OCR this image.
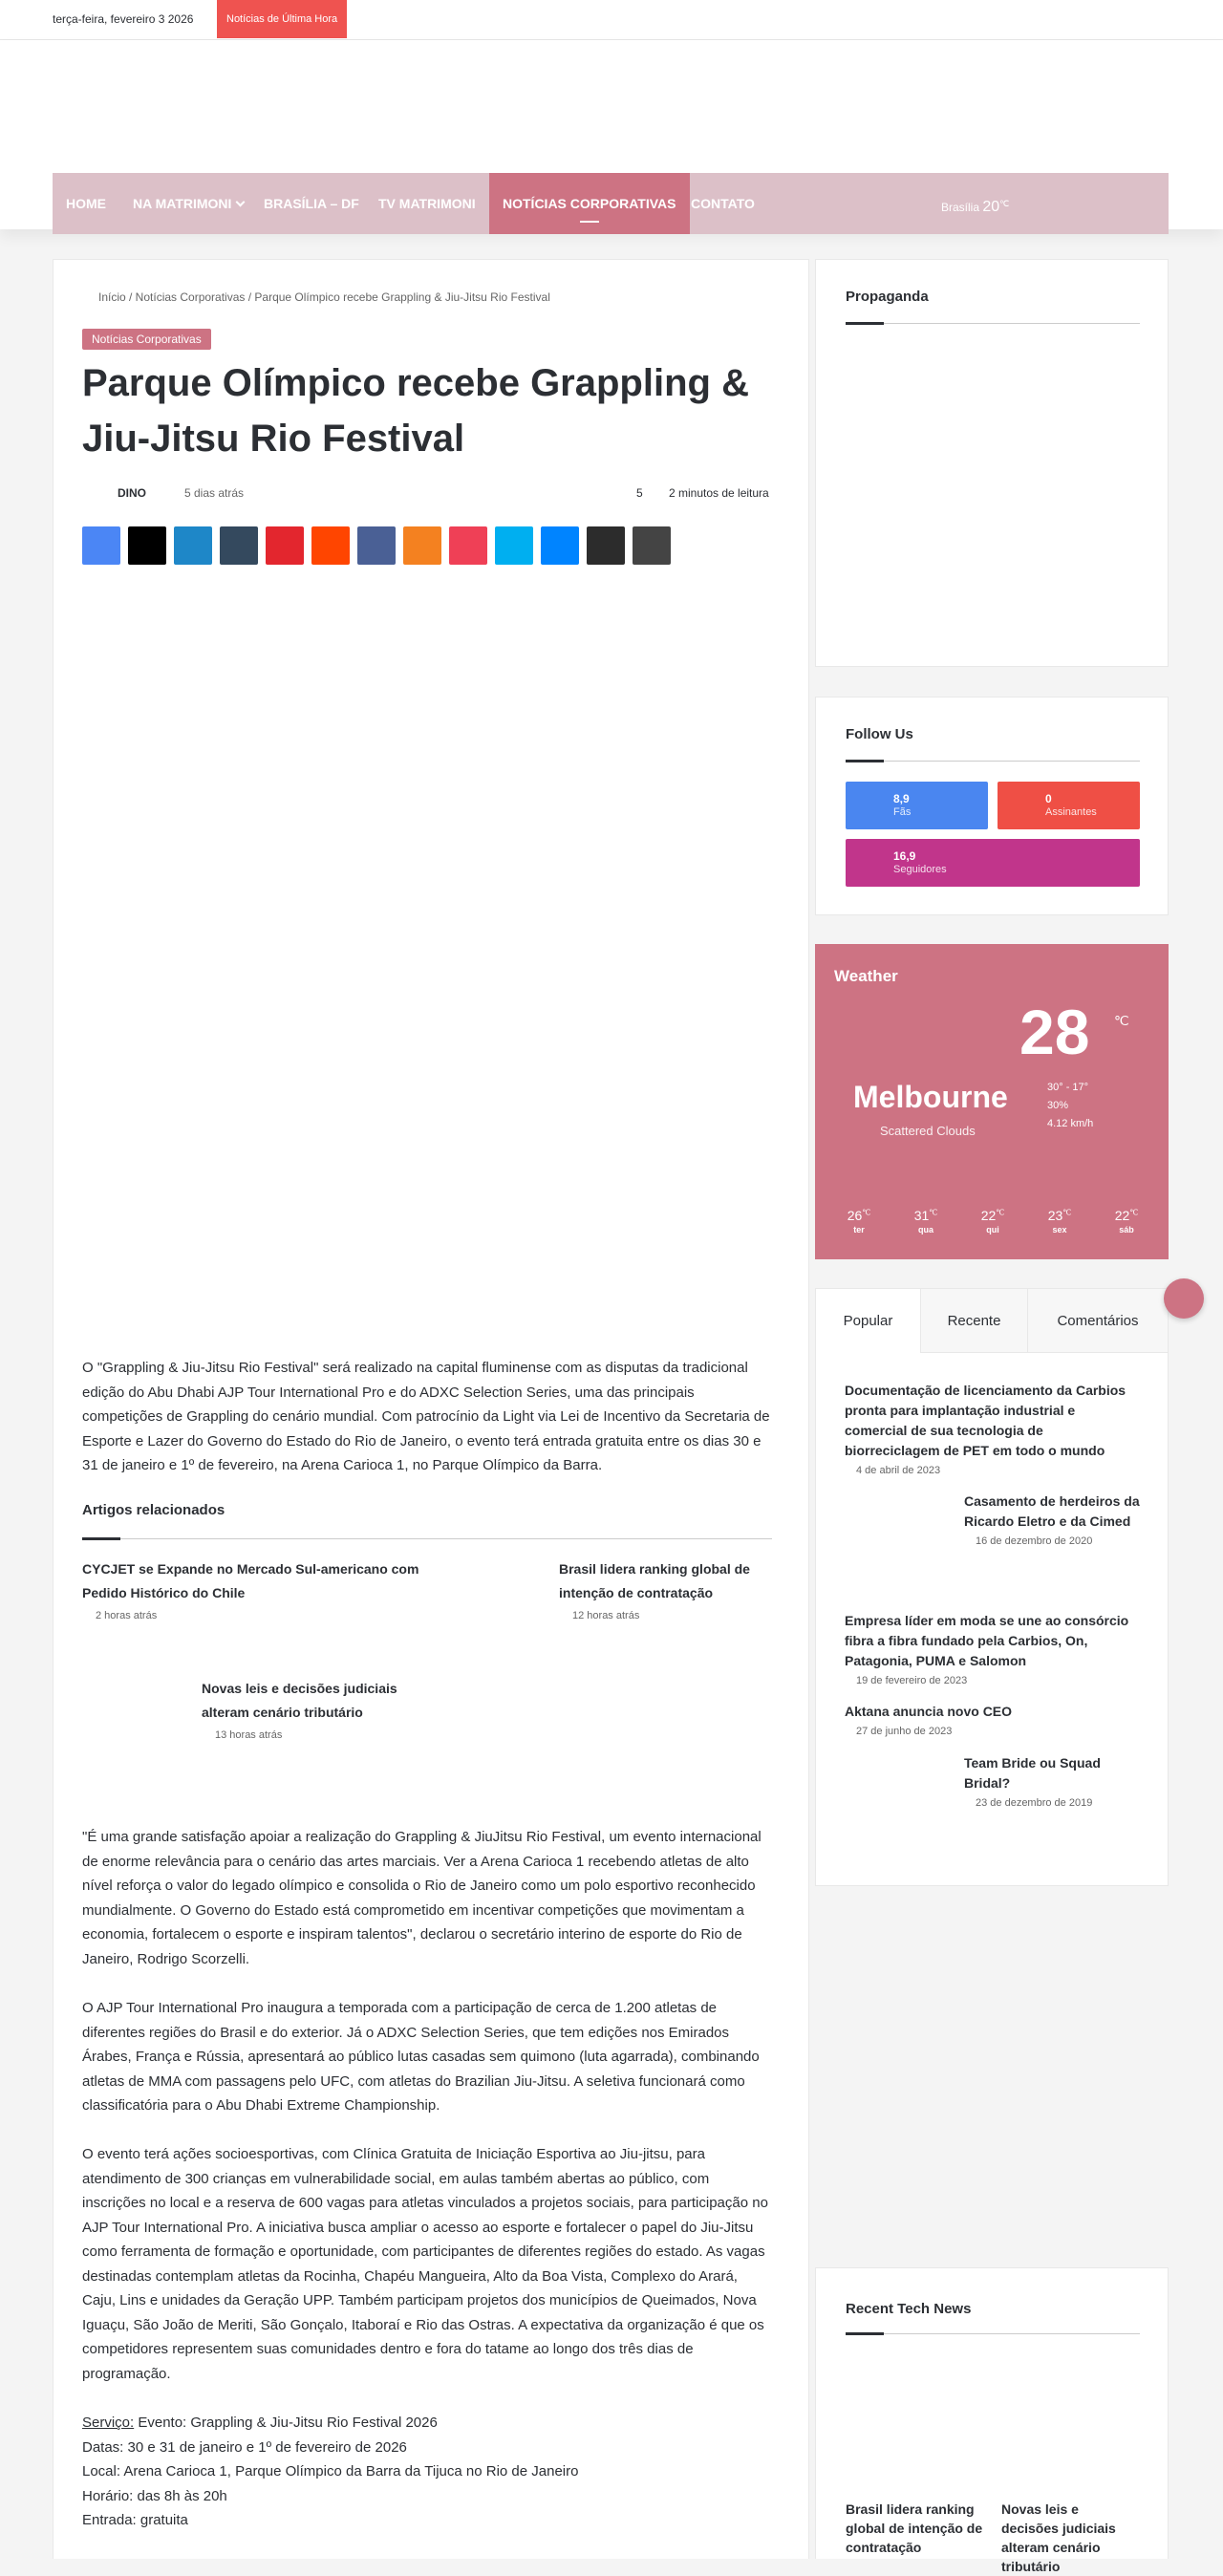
terça-feira, fevereiro 3 2026	Notícias de Última Hora
HOME	NA MATRIMONI	BRASÍLIA – DF	TV MATRIMONI	NOTÍCIAS CORPORATIVAS	CONTATO	Brasília 20℃
Início / Notícias Corporativas / Parque Olímpico recebe Grappling & Jiu-Jitsu Rio Festival
Notícias Corporativas
Parque Olímpico recebe Grappling & Jiu-Jitsu Rio Festival
DINO	5 dias atrás	5 2 minutos de leitura

O "Grappling & Jiu-Jitsu Rio Festival" será realizado na capital fluminense com as disputas da tradicional edição do Abu Dhabi AJP Tour International Pro e do ADXC Selection Series, uma das principais competições de Grappling do cenário mundial. Com patrocínio da Light via Lei de Incentivo da Secretaria de Esporte e Lazer do Governo do Estado do Rio de Janeiro, o evento terá entrada gratuita entre os dias 30 e 31 de janeiro e 1º de fevereiro, na Arena Carioca 1, no Parque Olímpico da Barra.

Artigos relacionados
CYCJET se Expande no Mercado Sul-americano com Pedido Histórico do Chile
2 horas atrás
Brasil lidera ranking global de intenção de contratação
12 horas atrás
Novas leis e decisões judiciais alteram cenário tributário
13 horas atrás

"É uma grande satisfação apoiar a realização do Grappling & JiuJitsu Rio Festival, um evento internacional de enorme relevância para o cenário das artes marciais. Ver a Arena Carioca 1 recebendo atletas de alto nível reforça o valor do legado olímpico e consolida o Rio de Janeiro como um polo esportivo reconhecido mundialmente. O Governo do Estado está comprometido em incentivar competições que movimentam a economia, fortalecem o esporte e inspiram talentos", declarou o secretário interino de esporte do Rio de Janeiro, Rodrigo Scorzelli.

O AJP Tour International Pro inaugura a temporada com a participação de cerca de 1.200 atletas de diferentes regiões do Brasil e do exterior. Já o ADXC Selection Series, que tem edições nos Emirados Árabes, França e Rússia, apresentará ao público lutas casadas sem quimono (luta agarrada), combinando atletas de MMA com passagens pelo UFC, com atletas do Brazilian Jiu-Jitsu. A seletiva funcionará como classificatória para o Abu Dhabi Extreme Championship.

O evento terá ações socioesportivas, com Clínica Gratuita de Iniciação Esportiva ao Jiu-jitsu, para atendimento de 300 crianças em vulnerabilidade social, em aulas também abertas ao público, com inscrições no local e a reserva de 600 vagas para atletas vinculados a projetos sociais, para participação no AJP Tour International Pro. A iniciativa busca ampliar o acesso ao esporte e fortalecer o papel do Jiu-Jitsu como ferramenta de formação e oportunidade, com participantes de diferentes regiões do estado. As vagas destinadas contemplam atletas da Rocinha, Chapéu Mangueira, Alto da Boa Vista, Complexo do Arará, Caju, Lins e unidades da Geração UPP. Também participam projetos dos municípios de Queimados, Nova Iguaçu, São João de Meriti, São Gonçalo, Itaboraí e Rio das Ostras. A expectativa da organização é que os competidores representem suas comunidades dentro e fora do tatame ao longo dos três dias de programação.

Serviço: Evento: Grappling & Jiu-Jitsu Rio Festival 2026
Datas: 30 e 31 de janeiro e 1º de fevereiro de 2026
Local: Arena Carioca 1, Parque Olímpico da Barra da Tijuca no Rio de Janeiro
Horário: das 8h às 20h
Entrada: gratuita
Propaganda
Follow Us
8,9
Fãs
0
Assinantes
16,9
Seguidores
Weather
28 ℃
Melbourne
Scattered Clouds
30° - 17°
30%
4.12 km/h
26℃
ter
31℃
qua
22℃
qui
23℃
sex
22℃
sáb
Popular	Recente	Comentários
Documentação de licenciamento da Carbios pronta para implantação industrial e comercial de sua tecnologia de biorreciclagem de PET em todo o mundo
4 de abril de 2023
Casamento de herdeiros da Ricardo Eletro e da Cimed
16 de dezembro de 2020
Empresa líder em moda se une ao consórcio fibra a fibra fundado pela Carbios, On, Patagonia, PUMA e Salomon
19 de fevereiro de 2023
Aktana anuncia novo CEO
27 de junho de 2023
Team Bride ou Squad Bridal?
23 de dezembro de 2019
Recent Tech News
Brasil lidera ranking global de intenção de contratação
Novas leis e decisões judiciais alteram cenário tributário
